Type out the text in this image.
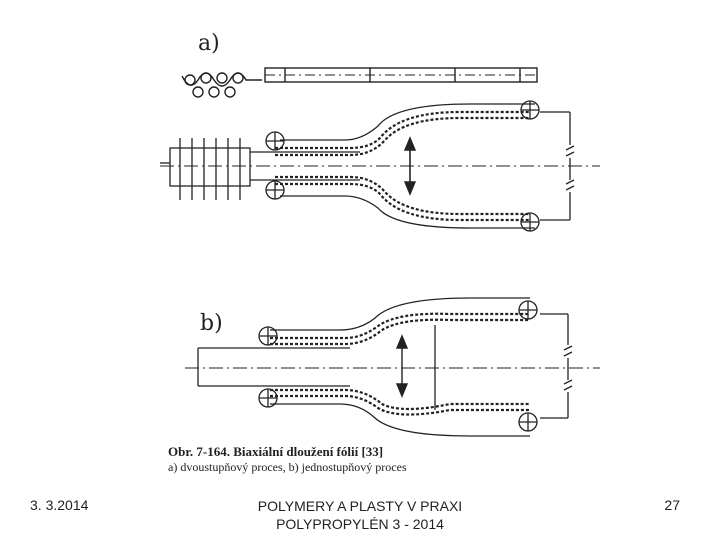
a)
b)
Obr. 7-164. Biaxiální dloužení fólií [33]
a) dvoustupňový proces, b) jednostupňový proces
3. 3.2014	POLYMERY A PLASTY V PRAXI
POLYPROPYLÉN 3 - 2014
27
